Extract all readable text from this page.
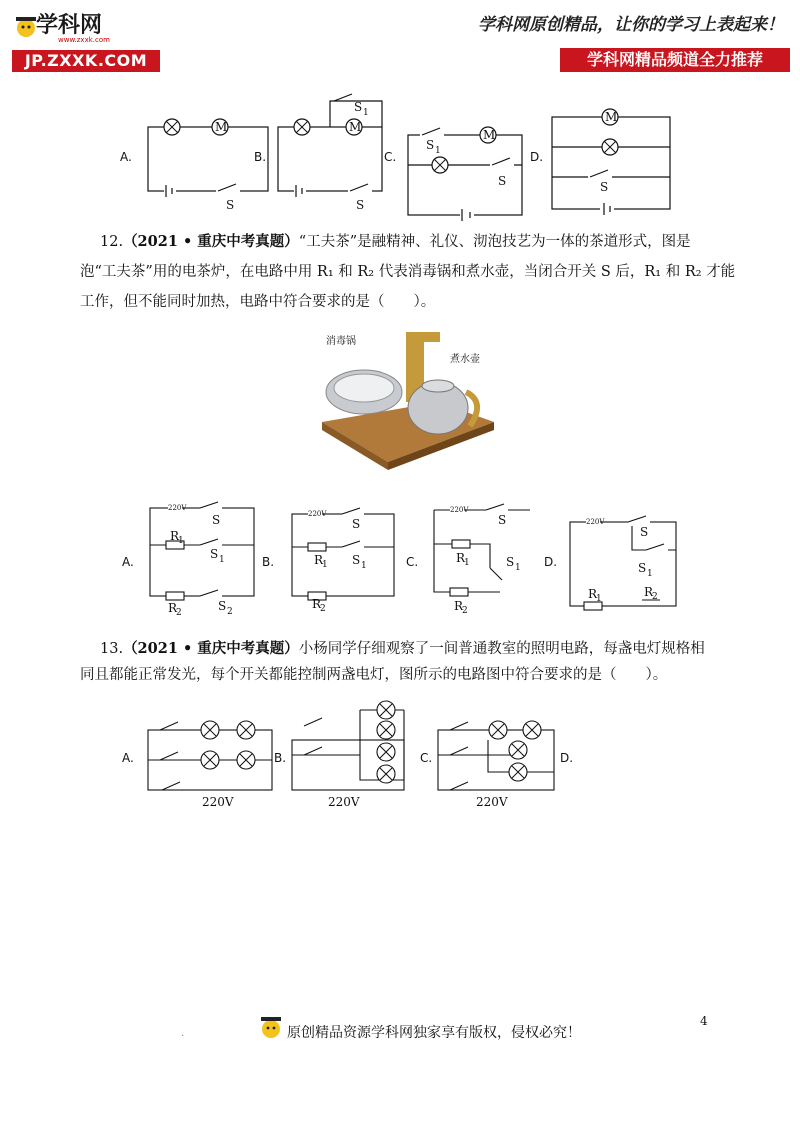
学科网
www.zxxk.com
JP.ZXXK.COM
学科网原创精品，让你的学习上表起来！
学科网精品频道全力推荐
M	M
M
M
S	S
S 1
S 1
S	S
A.	B.	C.	D.
12.（2021 • 重庆中考真题）“工夫茶”是融精神、礼仪、沏泡技艺为一体的茶道形式，图是
泡“工夫茶”用的电茶炉，在电路中用 R₁ 和 R₂ 代表消毒锅和煮水壶，当闭合开关 S 后，R₁ 和 R₂ 才能
工作，但不能同时加热，电路中符合要求的是（　　）。
消毒锅
煮水壶
220V
220V	220V
220V
S
R
1
S 1
R
2	S 2
S
R
1 S 1
R
2
S
R
1	S 1
R
2
S
S 1
R
1	R
2
A.	B.	C.	D.
13.（2021 • 重庆中考真题）小杨同学仔细观察了一间普通教室的照明电路，每盏电灯规格相
同且都能正常发光，每个开关都能控制两盏电灯，图所示的电路图中符合要求的是（　　）。
220V	220V	220V
A.	B.	C.	D.
.	原创精品资源学科网独家享有版权，侵权必究！
4
